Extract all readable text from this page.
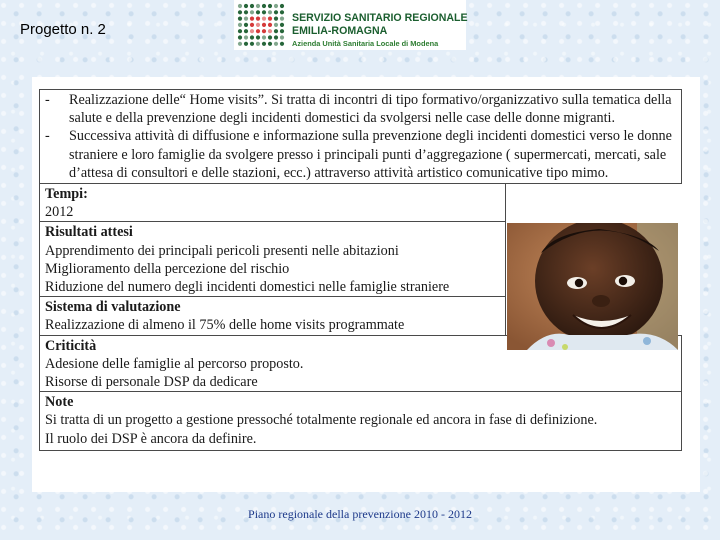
Progetto n. 2
SERVIZIO SANITARIO REGIONALE
EMILIA-ROMAGNA
Azienda Unità Sanitaria Locale di Modena
- Realizzazione delle“ Home visits”. Si tratta di incontri di tipo formativo/organizzativo sulla tematica della salute e della prevenzione degli incidenti domestici da svolgersi nelle case delle donne migranti.
- Successiva attività di diffusione e informazione sulla prevenzione degli incidenti domestici verso le donne straniere e loro famiglie da svolgere presso i principali punti d’aggregazione ( supermercati, mercati, sale d’attesa di consultori e delle stazioni, ecc.) attraverso attività artistico comunicative tipo mimo.

Tempi:
2012

Risultati attesi
Apprendimento dei principali pericoli presenti nelle abitazioni
Miglioramento della percezione del rischio
Riduzione del numero degli incidenti domestici nelle famiglie straniere

Sistema di valutazione
Realizzazione di almeno il 75% delle home visits programmate

Criticità
Adesione delle famiglie al percorso proposto.
Risorse di personale DSP da dedicare

Note
Si tratta di un progetto a gestione pressoché totalmente regionale ed ancora in fase di definizione.
Il ruolo dei DSP è ancora da definire.
Piano regionale della prevenzione 2010 - 2012
